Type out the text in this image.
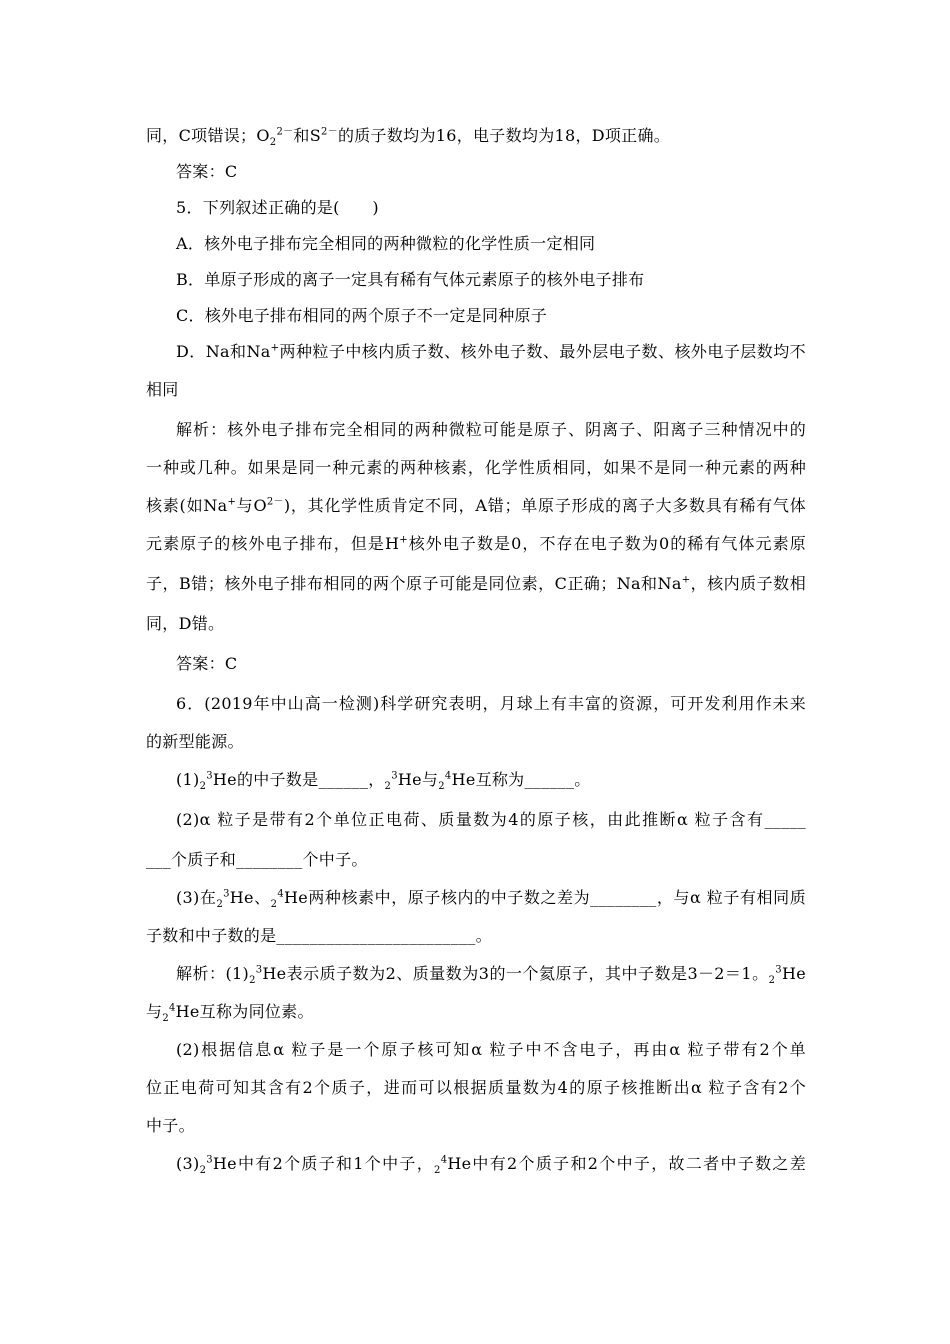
同，C项错误；$O_2^{2-}$和$S^{2-}$的质子数均为16，电子数均为18，D项正确。
答案：C
5．下列叙述正确的是(　　)
A．核外电子排布完全相同的两种微粒的化学性质一定相同
B．单原子形成的离子一定具有稀有气体元素原子的核外电子排布
C．核外电子排布相同的两个原子不一定是同种原子
D．Na和Na+两种粒子中核内质子数、核外电子数、最外层电子数、核外电子层数均不
相同
解析：核外电子排布完全相同的两种微粒可能是原子、阴离子、阳离子三种情况中的
一种或几种。如果是同一种元素的两种核素，化学性质相同，如果不是同一种元素的两种
核素(如Na+与$O^{2-}$)，其化学性质肯定不同，A错；单原子形成的离子大多数具有稀有气体
元素原子的核外电子排布，但是H+核外电子数是0，不存在电子数为0的稀有气体元素原
子，B错；核外电子排布相同的两个原子可能是同位素，C正确；Na和Na+，核内质子数相
同，D错。
答案：C
6．(2019年中山高一检测)科学研究表明，月球上有丰富的资源，可开发利用作未来
的新型能源。
$(1)_2^3He$的中子数是______，$_2^3$He与$_2^4$He互称为______。
(2)α 粒子是带有2个单位正电荷、质量数为4的原子核，由此推断α 粒子含有_____
___个质子和________个中子。
(3)在$_2^3$He、$_2^4$He两种核素中，原子核内的中子数之差为________，与α 粒子有相同质
子数和中子数的是________________________。
解析：$(1)_2^3He$表示质子数为2、质量数为3的一个氦原子，其中子数是3－2＝1。$_2^3$He
与$_2^4$He互称为同位素。
(2)根据信息α 粒子是一个原子核可知α 粒子中不含电子，再由α 粒子带有2个单
位正电荷可知其含有2个质子，进而可以根据质量数为4的原子核推断出α 粒子含有2个
中子。
$(3)_2^3He$中有2个质子和1个中子，$_2^4$He中有2个质子和2个中子，故二者中子数之差
